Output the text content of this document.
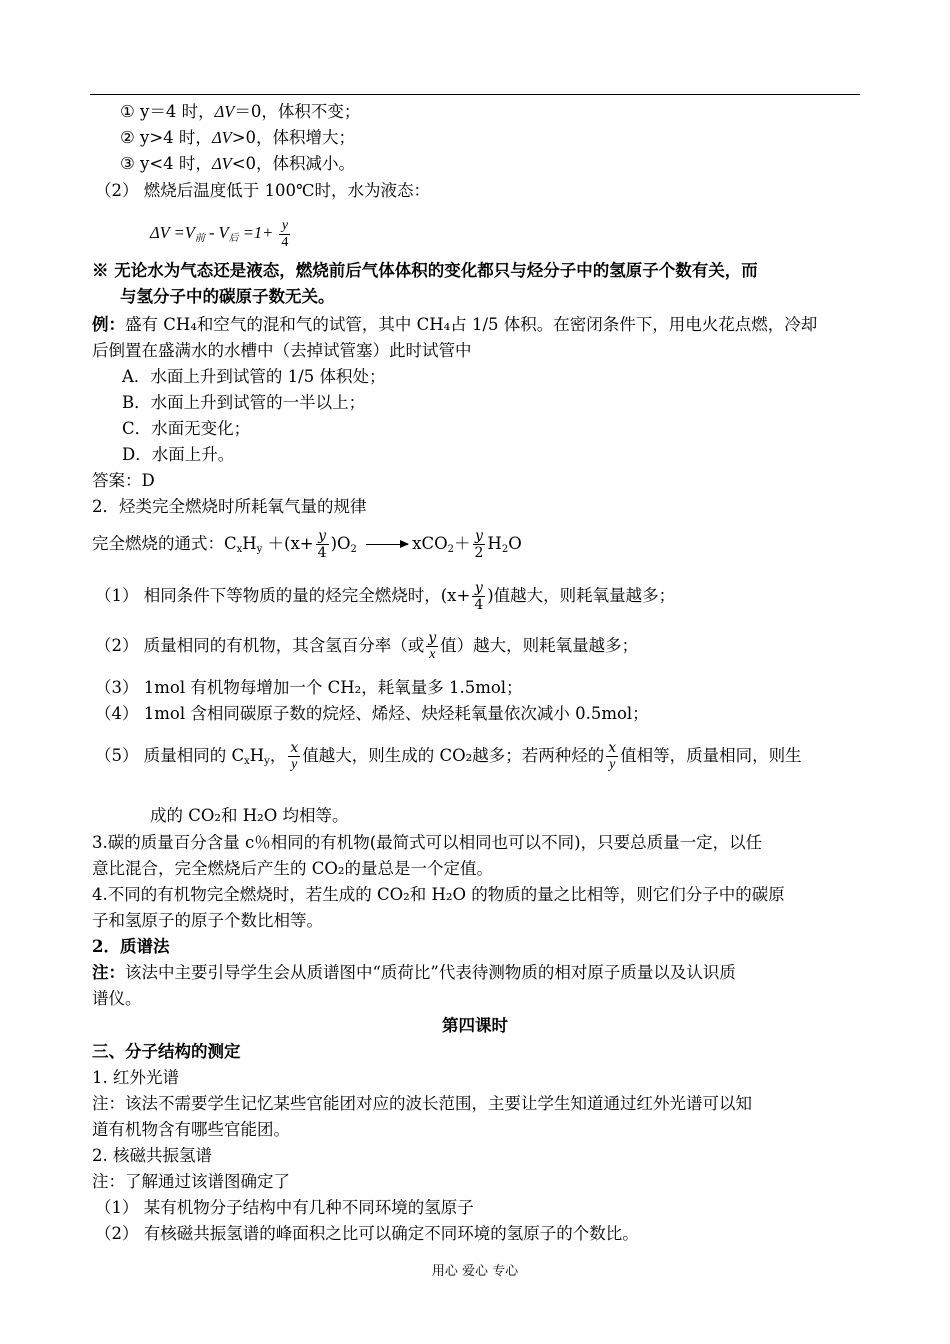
① y＝4 时，ΔV＝0，体积不变；
② y>4 时，ΔV>0，体积增大；
③ y<4 时，ΔV<0，体积减小。
（2） 燃烧后温度低于 100℃时，水为液态：
$\Delta V =V_前 - V_后 =1+ \frac{y}{4}$
※ 无论水为气态还是液态，燃烧前后气体体积的变化都只与烃分子中的氢原子个数有关，而
与氢分子中的碳原子数无关。
例：盛有 CH₄和空气的混和气的试管，其中 CH₄占 1/5 体积。在密闭条件下，用电火花点燃，冷却
后倒置在盛满水的水槽中（去掉试管塞）此时试管中
A．水面上升到试管的 1/5 体积处；
B．水面上升到试管的一半以上；
C．水面无变化；
D．水面上升。
答案：D
2．烃类完全燃烧时所耗氧气量的规律
完全燃烧的通式：$C_xH_y +(x+ \frac{y}{4} )O_2 \to xCO_2+ \frac{y}{2} H_2O$
（1） 相同条件下等物质的量的烃完全燃烧时，($x+ \frac{y}{4}$ )值越大，则耗氧量越多；
（2） 质量相同的有机物，其含氢百分率（或 $\frac{y}{x}$ 值）越大，则耗氧量越多；
（3） 1mol 有机物每增加一个 CH₂，耗氧量多 1.5mol；
（4） 1mol 含相同碳原子数的烷烃、烯烃、炔烃耗氧量依次减小 0.5mol；
（5） 质量相同的 $C_xH_y$， $\frac{x}{y}$ 值越大，则生成的 CO₂越多；若两种烃的 $\frac{x}{y}$ 值相等，质量相同，则生
成的 CO₂和 H₂O 均相等。
3.碳的质量百分含量 c％相同的有机物(最简式可以相同也可以不同)，只要总质量一定，以任
意比混合，完全燃烧后产生的 CO₂的量总是一个定值。
4.不同的有机物完全燃烧时，若生成的 CO₂和 H₂O 的物质的量之比相等，则它们分子中的碳原
子和氢原子的原子个数比相等。
2．质谱法
注：该法中主要引导学生会从质谱图中“质荷比”代表待测物质的相对原子质量以及认识质
谱仪。
第四课时
三、分子结构的测定
1. 红外光谱
注：该法不需要学生记忆某些官能团对应的波长范围，主要让学生知道通过红外光谱可以知
道有机物含有哪些官能团。
2. 核磁共振氢谱
注：了解通过该谱图确定了
（1） 某有机物分子结构中有几种不同环境的氢原子
（2） 有核磁共振氢谱的峰面积之比可以确定不同环境的氢原子的个数比。
用心 爱心 专心
